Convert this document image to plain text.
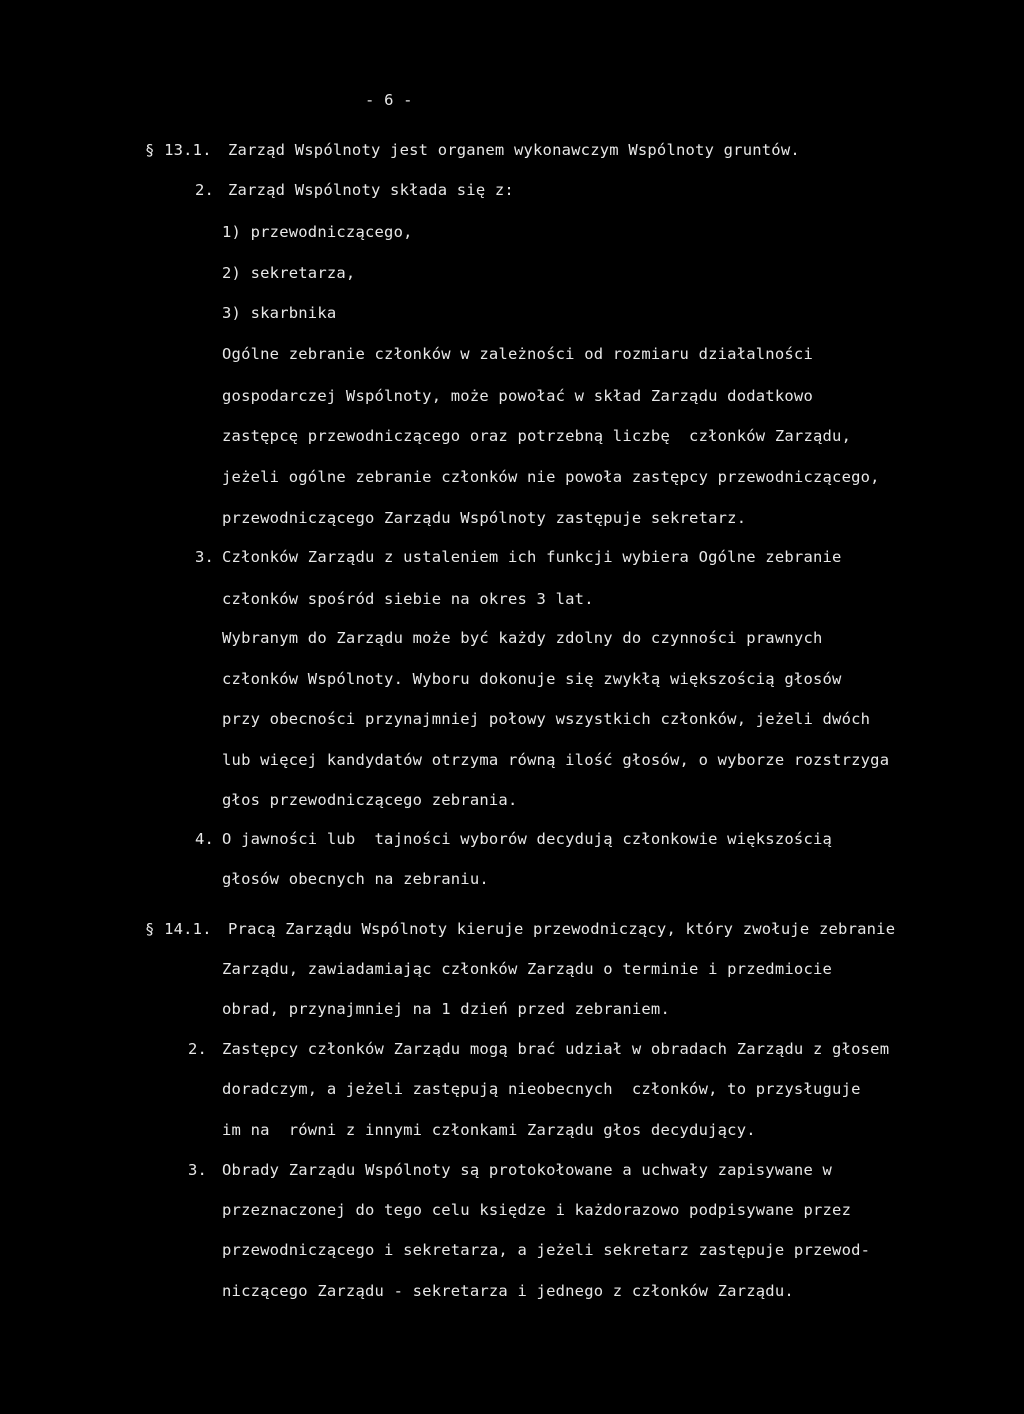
- 6 -
§ 13.1. Zarząd Wspólnoty jest organem wykonawczym Wspólnoty gruntów.
2. Zarząd Wspólnoty składa się z:
1) przewodniczącego,
2) sekretarza,
3) skarbnika
Ogólne zebranie członków w zależności od rozmiaru działalności
gospodarczej Wspólnoty, może powołać w skład Zarządu dodatkowo
zastępcę przewodniczącego oraz potrzebną liczbę  członków Zarządu,
jeżeli ogólne zebranie członków nie powoła zastępcy przewodniczącego,
przewodniczącego Zarządu Wspólnoty zastępuje sekretarz.
3. Członków Zarządu z ustaleniem ich funkcji wybiera Ogólne zebranie
członków spośród siebie na okres 3 lat.
Wybranym do Zarządu może być każdy zdolny do czynności prawnych
członków Wspólnoty. Wyboru dokonuje się zwykłą większością głosów
przy obecności przynajmniej połowy wszystkich członków, jeżeli dwóch
lub więcej kandydatów otrzyma równą ilość głosów, o wyborze rozstrzyga
głos przewodniczącego zebrania.
4. O jawności lub  tajności wyborów decydują członkowie większością
głosów obecnych na zebraniu.
§ 14.1. Pracą Zarządu Wspólnoty kieruje przewodniczący, który zwołuje zebranie
Zarządu, zawiadamiając członków Zarządu o terminie i przedmiocie
obrad, przynajmniej na 1 dzień przed zebraniem.
2. Zastępcy członków Zarządu mogą brać udział w obradach Zarządu z głosem
doradczym, a jeżeli zastępują nieobecnych  członków, to przysługuje
im na  równi z innymi członkami Zarządu głos decydujący.
3. Obrady Zarządu Wspólnoty są protokołowane a uchwały zapisywane w
przeznaczonej do tego celu księdze i każdorazowo podpisywane przez
przewodniczącego i sekretarza, a jeżeli sekretarz zastępuje przewod-
niczącego Zarządu - sekretarza i jednego z członków Zarządu.
